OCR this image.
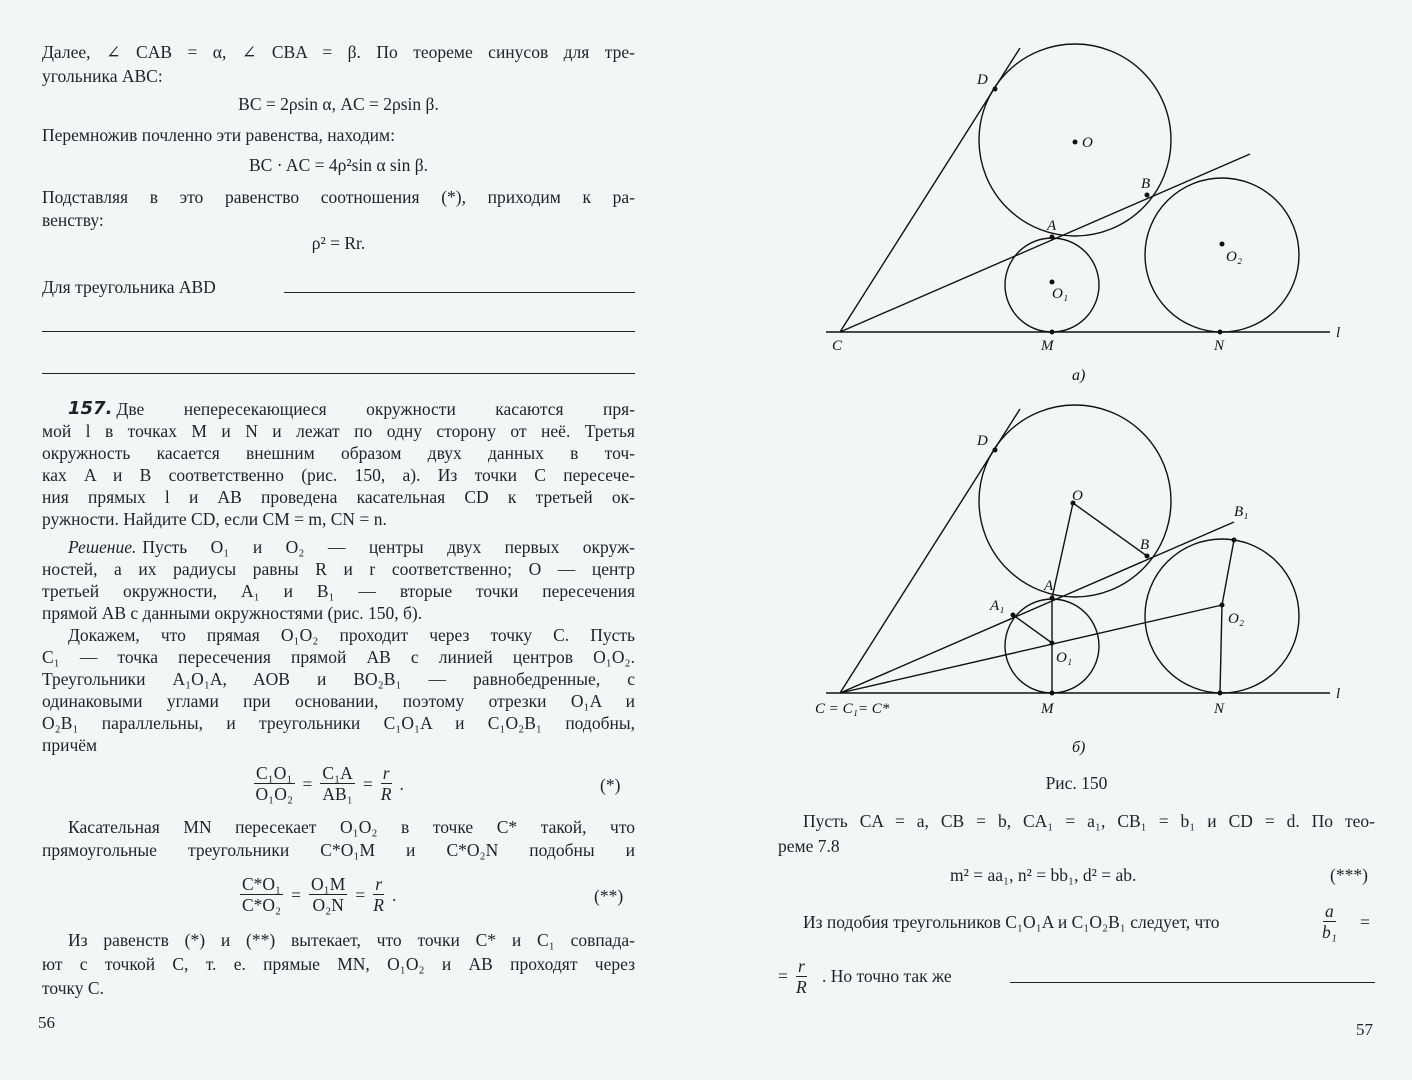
Далее, ∠ CAB = α, ∠ CBA = β. По теореме синусов для тре-
угольника ABC:
BC = 2ρsin α, AC = 2ρsin β.
Перемножив почленно эти равенства, находим:
BC · AC = 4ρ²sin α sin β.
Подставляя в это равенство соотношения (*), приходим к ра-
венству:
ρ² = Rr.
Для треугольника ABD
157. Две непересекающиеся окружности касаются пря-
мой l в точках M и N и лежат по одну сторону от неё. Третья
окружность касается внешним образом двух данных в точ-
ках A и B соответственно (рис. 150, а). Из точки C пересече-
ния прямых l и AB проведена касательная CD к третьей ок-
ружности. Найдите CD, если CM = m, CN = n.
Решение. Пусть O₁ и O₂ — центры двух первых окруж-
ностей, а их радиусы равны R и r соответственно; O — центр
третьей окружности, A₁ и B₁ — вторые точки пересечения
прямой AB с данными окружностями (рис. 150, б).
Докажем, что прямая O₁O₂ проходит через точку C. Пусть
C₁ — точка пересечения прямой AB с линией центров O₁O₂.
Треугольники A₁O₁A, AOB и BO₂B₁ — равнобедренные, с
одинаковыми углами при основании, поэтому отрезки O₁A и
O₂B₁ параллельны, и треугольники C₁O₁A и C₁O₂B₁ подобны,
причём
$\frac{\text{C₁O₁}}{\text{O₁O₂}} = \frac{\text{C₁A}}{\text{AB₁}} = \frac{r}{R}$ .	(*)
Касательная MN пересекает O₁O₂ в точке C* такой, что
прямоугольные треугольники C*O₁M и C*O₂N подобны и
$\frac{\text{C*O₁}}{\text{C*O₂}} = \frac{\text{O₁M}}{\text{O₂N}} = \frac{r}{R}$ .	(**)
Из равенств (*) и (**) вытекает, что точки C* и C₁ совпада-
ют с точкой C, т. е. прямые MN, O₁O₂ и AB проходят через
точку C.
56
D
O
B
A
O₂
O₁
C	M	N
l
а)
D
O
B₁
B
A
A₁
O₂
O₁
C = C₁= C*	M	N
l
б)
Рис. 150
Пусть CA = a, CB = b, CA₁ = a₁, CB₁ = b₁ и CD = d. По тео-
реме 7.8
m² = aa₁, n² = bb₁, d² = ab.	(***)
Из подобия треугольников C₁O₁A и C₁O₂B₁ следует, что	$\frac{a}{\text{b₁}}$ =
= $\frac{r}{R}$ . Но точно так же
57
